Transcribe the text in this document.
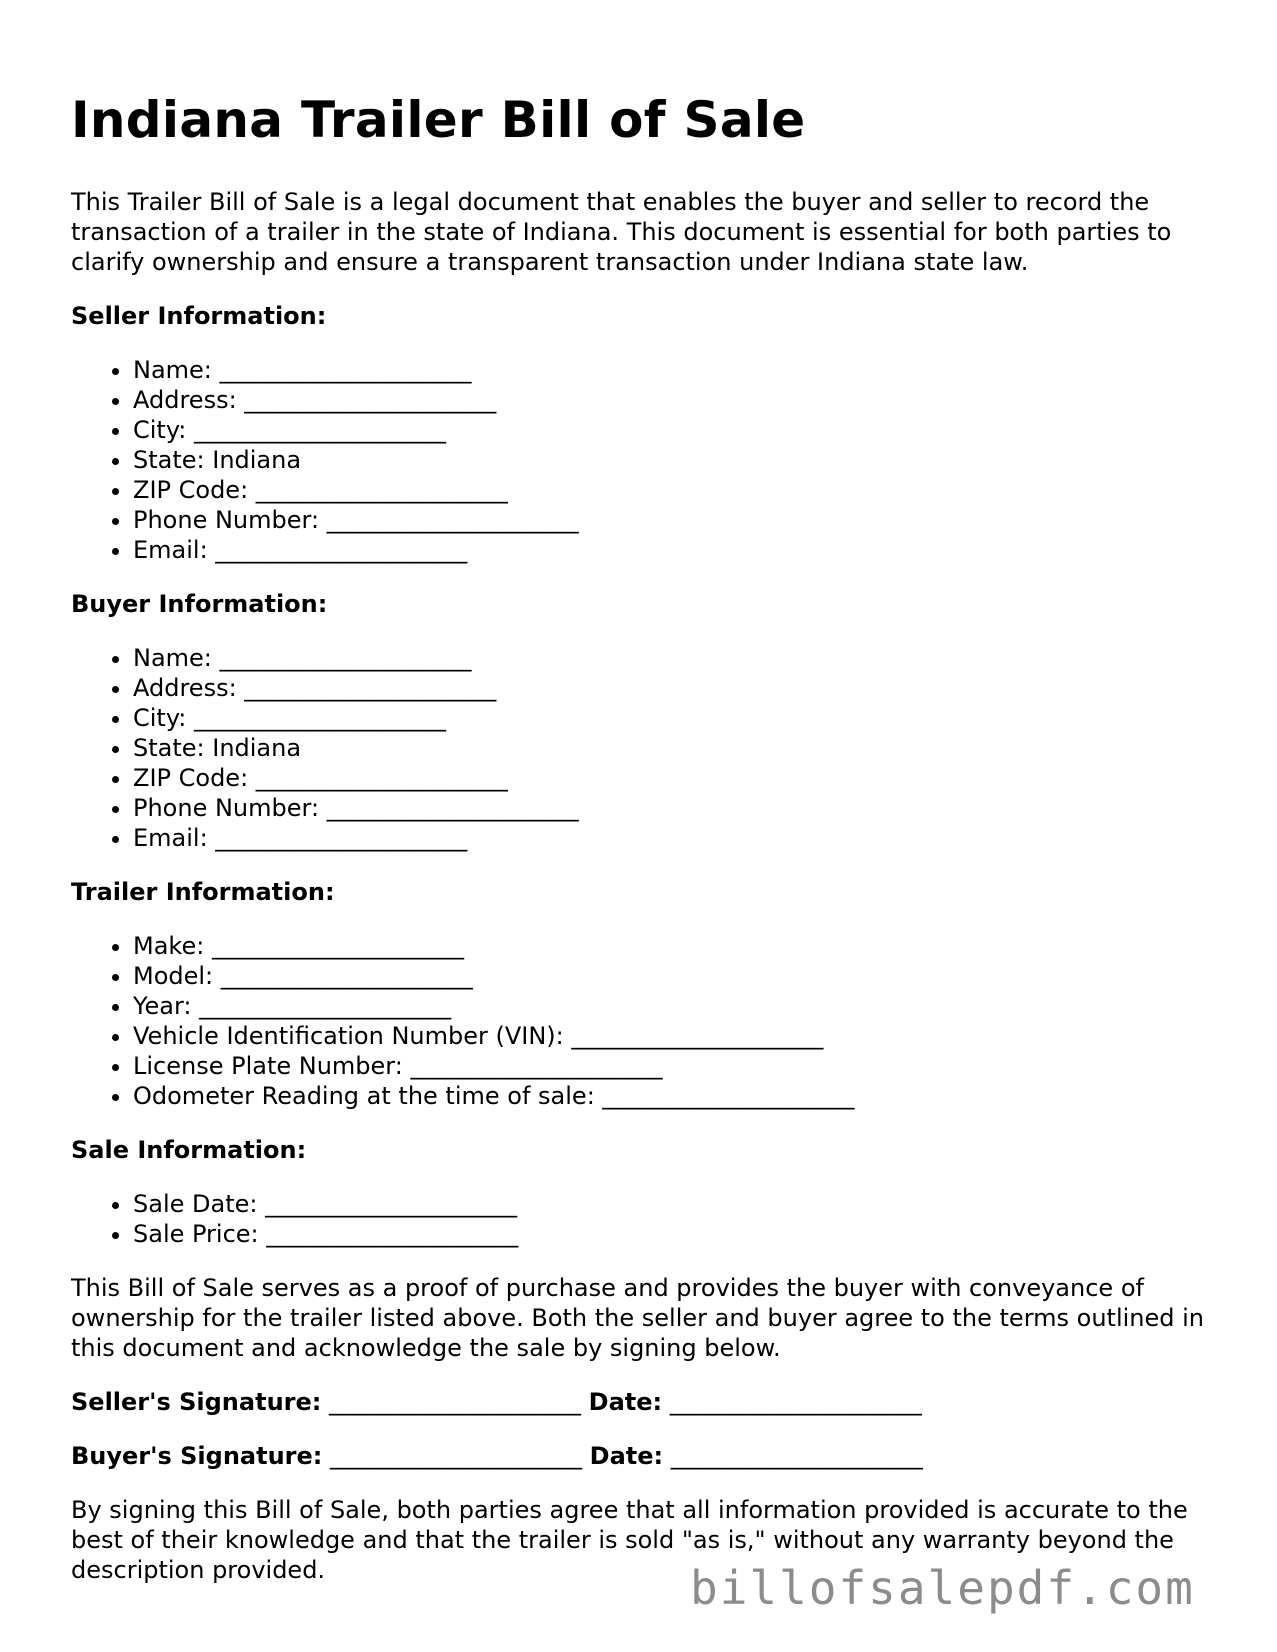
Indiana Trailer Bill of Sale

This Trailer Bill of Sale is a legal document that enables the buyer and seller to record the transaction of a trailer in the state of Indiana. This document is essential for both parties to clarify ownership and ensure a transparent transaction under Indiana state law.

Seller Information:
• Name: _____________________
• Address: _____________________
• City: _____________________
• State: Indiana
• ZIP Code: _____________________
• Phone Number: _____________________
• Email: _____________________
Buyer Information:
• Name: _____________________
• Address: _____________________
• City: _____________________
• State: Indiana
• ZIP Code: _____________________
• Phone Number: _____________________
• Email: _____________________
Trailer Information:
• Make: _____________________
• Model: _____________________
• Year: _____________________
• Vehicle Identification Number (VIN): _____________________
• License Plate Number: _____________________
• Odometer Reading at the time of sale: _____________________
Sale Information:
• Sale Date: _____________________
• Sale Price: _____________________

This Bill of Sale serves as a proof of purchase and provides the buyer with conveyance of ownership for the trailer listed above. Both the seller and buyer agree to the terms outlined in this document and acknowledge the sale by signing below.

Seller's Signature: _____________________ Date: _____________________
Buyer's Signature: _____________________ Date: _____________________

By signing this Bill of Sale, both parties agree that all information provided is accurate to the best of their knowledge and that the trailer is sold "as is," without any warranty beyond the description provided.	billofsalepdf.com
